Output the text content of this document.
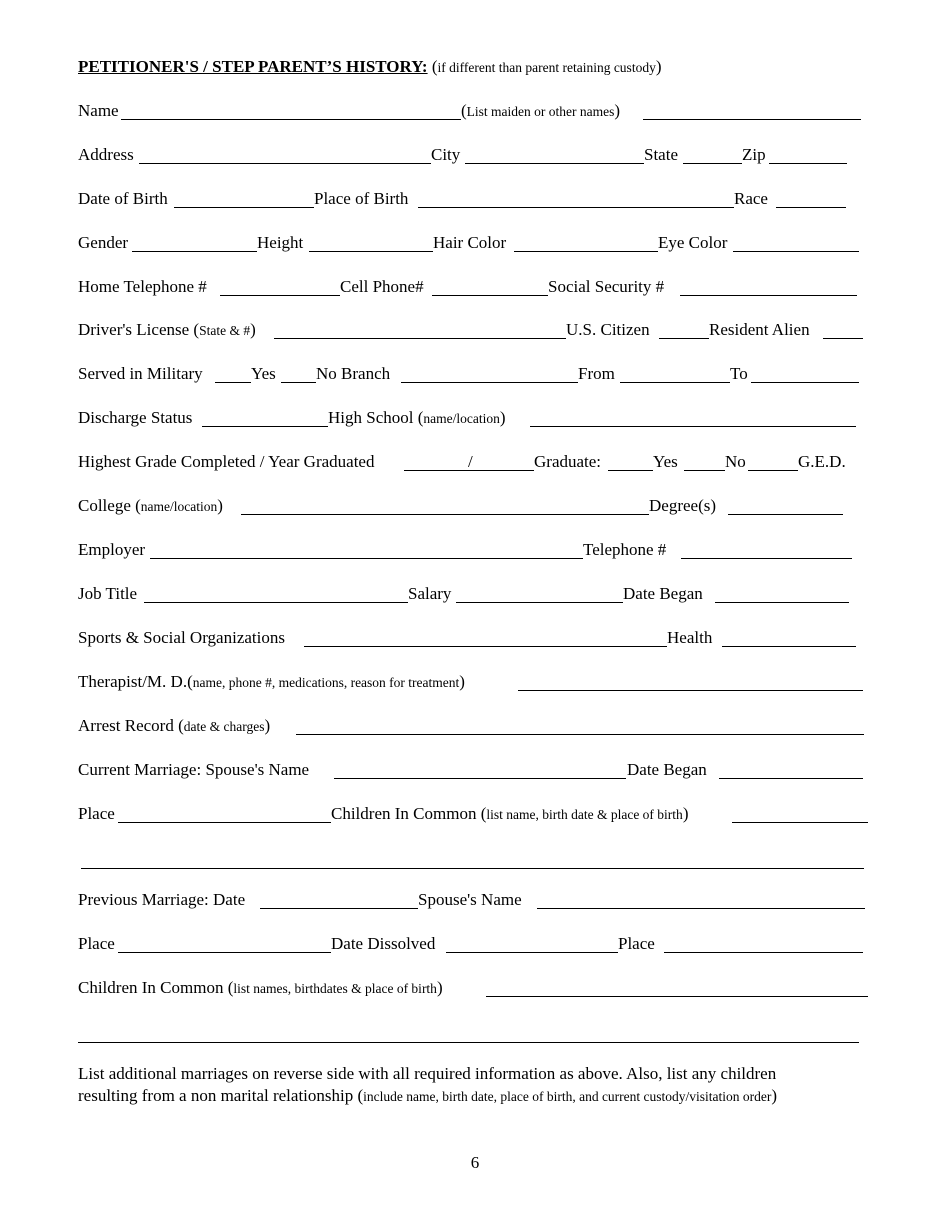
PETITIONER'S / STEP PARENT’S HISTORY: (if different than parent retaining custody)
Name	(List maiden or other names)
Address	City	State	Zip
Date of Birth	Place of Birth	Race
Gender	Height	Hair Color	Eye Color
Home Telephone #	Cell Phone#	Social Security #
Driver's License (State & #)	U.S. Citizen	Resident Alien
Served in Military	Yes No Branch	From	To
Discharge Status	High School (name/location)
Highest Grade Completed / Year Graduated	/	Graduate:	Yes	No	G.E.D.
College (name/location)	Degree(s)
Employer	Telephone #
Job Title	Salary	Date Began
Sports & Social Organizations	Health
Therapist/M. D.(name, phone #, medications, reason for treatment)
Arrest Record (date & charges)
Current Marriage: Spouse's Name	Date Began
Place	Children In Common (list name, birth date & place of birth)
Previous Marriage: Date	Spouse's Name
Place	Date Dissolved	Place
Children In Common (list names, birthdates & place of birth)
List additional marriages on reverse side with all required information as above. Also, list any children
resulting from a non marital relationship (include name, birth date, place of birth, and current custody/visitation order)
6
